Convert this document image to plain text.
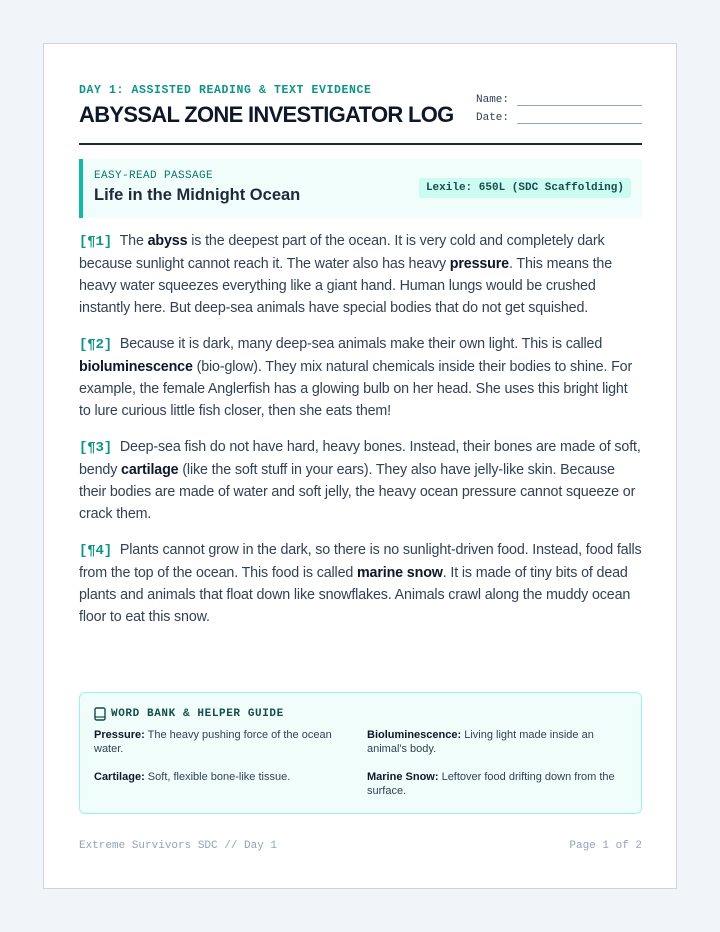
DAY 1: ASSISTED READING & TEXT EVIDENCE
ABYSSAL ZONE INVESTIGATOR LOG
Name:
Date:
EASY-READ PASSAGE
Life in the Midnight Ocean	Lexile: 650L (SDC Scaffolding)

[¶1] The abyss is the deepest part of the ocean. It is very cold and completely dark because sunlight cannot reach it. The water also has heavy pressure. This means the heavy water squeezes everything like a giant hand. Human lungs would be crushed instantly here. But deep-sea animals have special bodies that do not get squished.

[¶2] Because it is dark, many deep-sea animals make their own light. This is called bioluminescence (bio-glow). They mix natural chemicals inside their bodies to shine. For example, the female Anglerfish has a glowing bulb on her head. She uses this bright light to lure curious little fish closer, then she eats them!

[¶3] Deep-sea fish do not have hard, heavy bones. Instead, their bones are made of soft, bendy cartilage (like the soft stuff in your ears). They also have jelly-like skin. Because their bodies are made of water and soft jelly, the heavy ocean pressure cannot squeeze or crack them.

[¶4] Plants cannot grow in the dark, so there is no sunlight-driven food. Instead, food falls from the top of the ocean. This food is called marine snow. It is made of tiny bits of dead plants and animals that float down like snowflakes. Animals crawl along the muddy ocean floor to eat this snow.

WORD BANK & HELPER GUIDE
Pressure: The heavy pushing force of the ocean water.
Bioluminescence: Living light made inside an animal's body.
Cartilage: Soft, flexible bone-like tissue.	Marine Snow: Leftover food drifting down from the surface.
Extreme Survivors SDC // Day 1	Page 1 of 2
